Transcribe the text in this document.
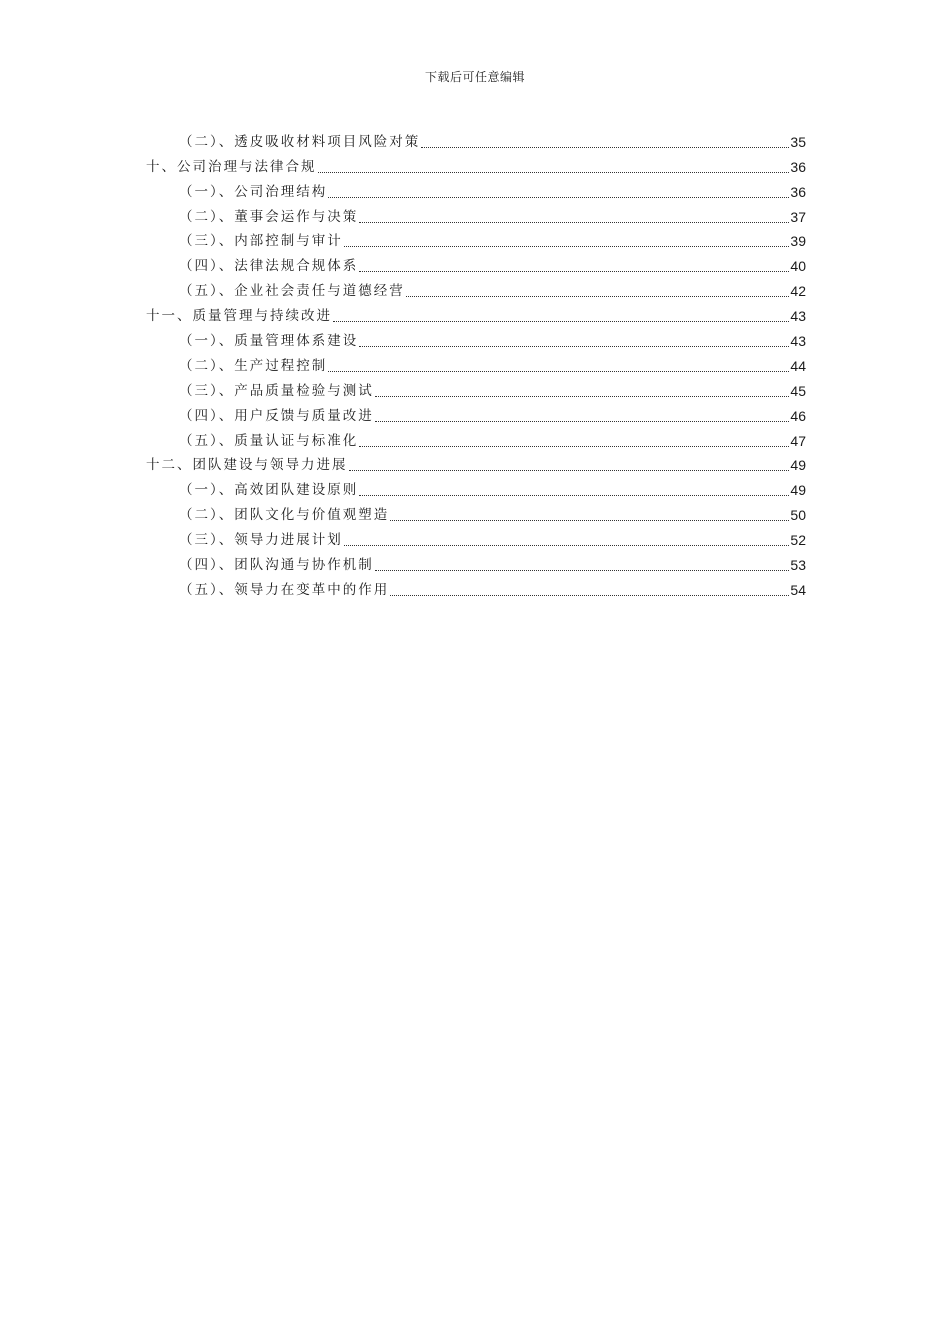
下载后可任意编辑
（二）、透皮吸收材料项目风险对策	35
十、公司治理与法律合规	36
（一）、公司治理结构	36
（二）、董事会运作与决策	37
（三）、内部控制与审计	39
（四）、法律法规合规体系	40
（五）、企业社会责任与道德经营	42
十一、质量管理与持续改进	43
（一）、质量管理体系建设	43
（二）、生产过程控制	44
（三）、产品质量检验与测试	45
（四）、用户反馈与质量改进	46
（五）、质量认证与标准化	47
十二、团队建设与领导力进展	49
（一）、高效团队建设原则	49
（二）、团队文化与价值观塑造	50
（三）、领导力进展计划	52
（四）、团队沟通与协作机制	53
（五）、领导力在变革中的作用	54
